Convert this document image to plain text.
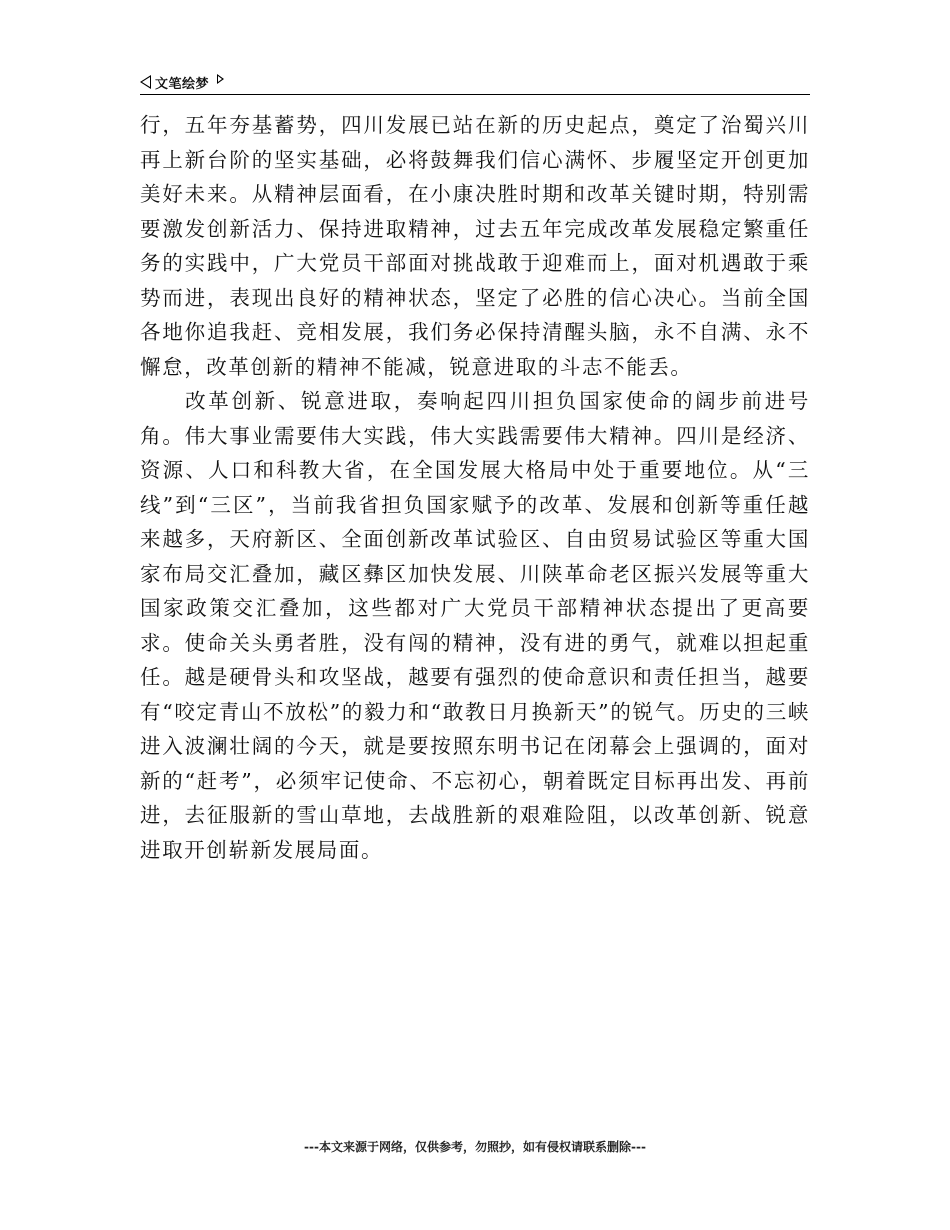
文笔绘梦

行，五年夯基蓄势，四川发展已站在新的历史起点，奠定了治蜀兴川再上新台阶的坚实基础，必将鼓舞我们信心满怀、步履坚定开创更加美好未来。从精神层面看，在小康决胜时期和改革关键时期，特别需要激发创新活力、保持进取精神，过去五年完成改革发展稳定繁重任务的实践中，广大党员干部面对挑战敢于迎难而上，面对机遇敢于乘势而进，表现出良好的精神状态，坚定了必胜的信心决心。当前全国各地你追我赶、竞相发展，我们务必保持清醒头脑，永不自满、永不懈怠，改革创新的精神不能减，锐意进取的斗志不能丢。

改革创新、锐意进取，奏响起四川担负国家使命的阔步前进号角。伟大事业需要伟大实践，伟大实践需要伟大精神。四川是经济、资源、人口和科教大省，在全国发展大格局中处于重要地位。从“三线”到“三区”，当前我省担负国家赋予的改革、发展和创新等重任越来越多，天府新区、全面创新改革试验区、自由贸易试验区等重大国家布局交汇叠加，藏区彝区加快发展、川陕革命老区振兴发展等重大国家政策交汇叠加，这些都对广大党员干部精神状态提出了更高要求。使命关头勇者胜，没有闯的精神，没有进的勇气，就难以担起重任。越是硬骨头和攻坚战，越要有强烈的使命意识和责任担当，越要有“咬定青山不放松”的毅力和“敢教日月换新天”的锐气。历史的三峡进入波澜壮阔的今天，就是要按照东明书记在闭幕会上强调的，面对新的“赶考”，必须牢记使命、不忘初心，朝着既定目标再出发、再前进，去征服新的雪山草地，去战胜新的艰难险阻，以改革创新、锐意进取开创崭新发展局面。

---本文来源于网络，仅供参考，勿照抄，如有侵权请联系删除---
